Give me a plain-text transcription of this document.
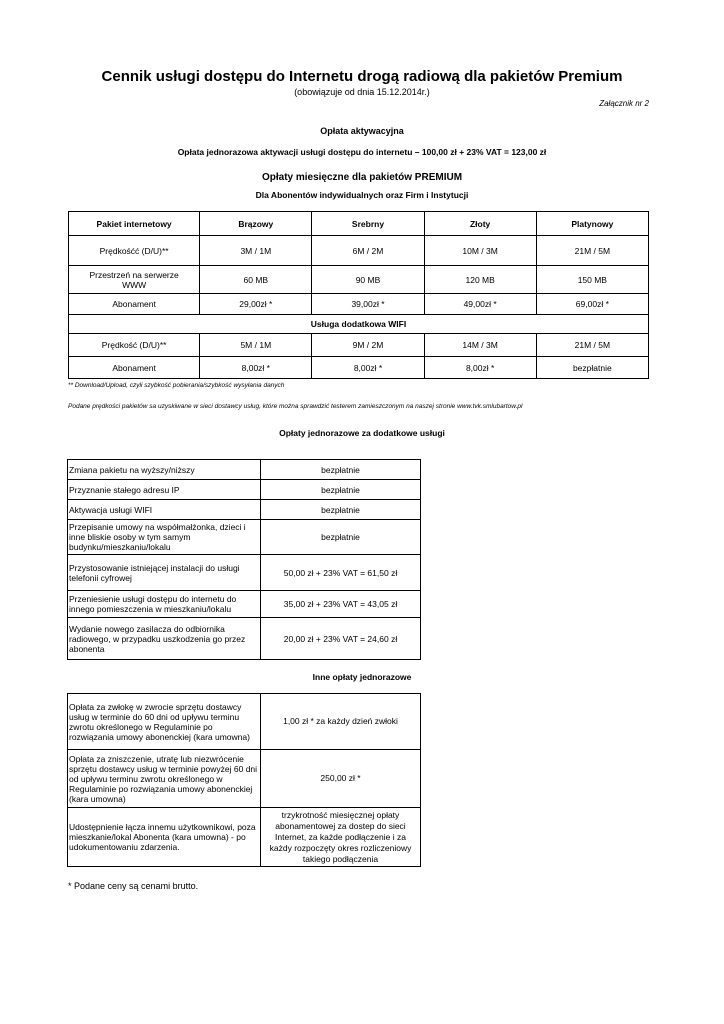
Cennik usługi dostępu do Internetu drogą radiową dla pakietów Premium
(obowiązuje od dnia 15.12.2014r.)
Załącznik nr 2
Opłata aktywacyjna
Opłata jednorazowa aktywacji usługi dostępu do internetu – 100,00 zł + 23% VAT = 123,00 zł
Opłaty miesięczne dla pakietów PREMIUM
Dla Abonentów indywidualnych oraz Firm i Instytucji
Pakiet internetowy	Brązowy	Srebrny	Złoty	Platynowy
Prędkośćć (D/U)**	3M / 1M	6M / 2M	10M / 3M	21M / 5M
Przestrzeń na serwerze WWW	60 MB	90 MB	120 MB	150 MB
Abonament	29,00zł *	39,00zł *	49,00zł *	69,00zł *
Usługa dodatkowa WIFI				
Prędkość (D/U)**	5M / 1M	9M / 2M	14M / 3M	21M / 5M
Abonament	8,00zł *	8,00zł *	8,00zł *	bezpłatnie
** Download/Upload, czyli szybkość pobierania/szybkość wysyłania danych
Podane prędkości pakietów sa uzyskiwane w sieci dostawcy usług, które można sprawdzić testerem zamieszczonym na naszej stronie www.tvk.smlubartow.pl
Opłaty jednorazowe za dodatkowe usługi
Zmiana pakietu na wyższy/niższy	bezpłatnie
Przyznanie stałego adresu IP	bezpłatnie
Aktywacja usługi WIFI	bezpłatnie
Przepisanie umowy na współmałżonka, dzieci i inne bliskie osoby w tym samym budynku/mieszkaniu/lokalu	bezpłatnie
Przystosowanie istniejącej instalacji do usługi telefonii cyfrowej	50,00 zł + 23% VAT = 61,50 zł
Przeniesienie usługi dostępu do internetu do innego pomieszczenia w mieszkaniu/lokalu	35,00 zł + 23% VAT = 43,05 zł
Wydanie nowego zasilacza do odbiornika radiowego, w przypadku uszkodzenia go przez abonenta	20,00 zł + 23% VAT = 24,60 zł
Inne opłaty jednorazowe
Opłata za zwłokę w zwrocie sprzętu dostawcy usług w terminie do 60 dni od upływu terminu zwrotu określonego w Regulaminie po rozwiązania umowy abonenckiej (kara umowna)	1,00 zł * za każdy dzień zwłoki
Opłata za zniszczenie, utratę lub niezwrócenie sprzętu dostawcy usług w terminie powyżej 60 dni od upływu terminu zwrotu określonego w Regulaminie po rozwiązania umowy abonenckiej (kara umowna)	250,00 zł *
Udostępnienie łącza innemu użytkownikowi, poza mieszkanie/lokal Abonenta (kara umowna) - po udokumentowaniu zdarzenia.	trzykrotność miesięcznej opłaty abonamentowej za dostep do sieci Internet, za każde podłączenie i za każdy rozpoczęty okres rozliczeniowy takiego podłączenia
* Podane ceny są cenami brutto.
